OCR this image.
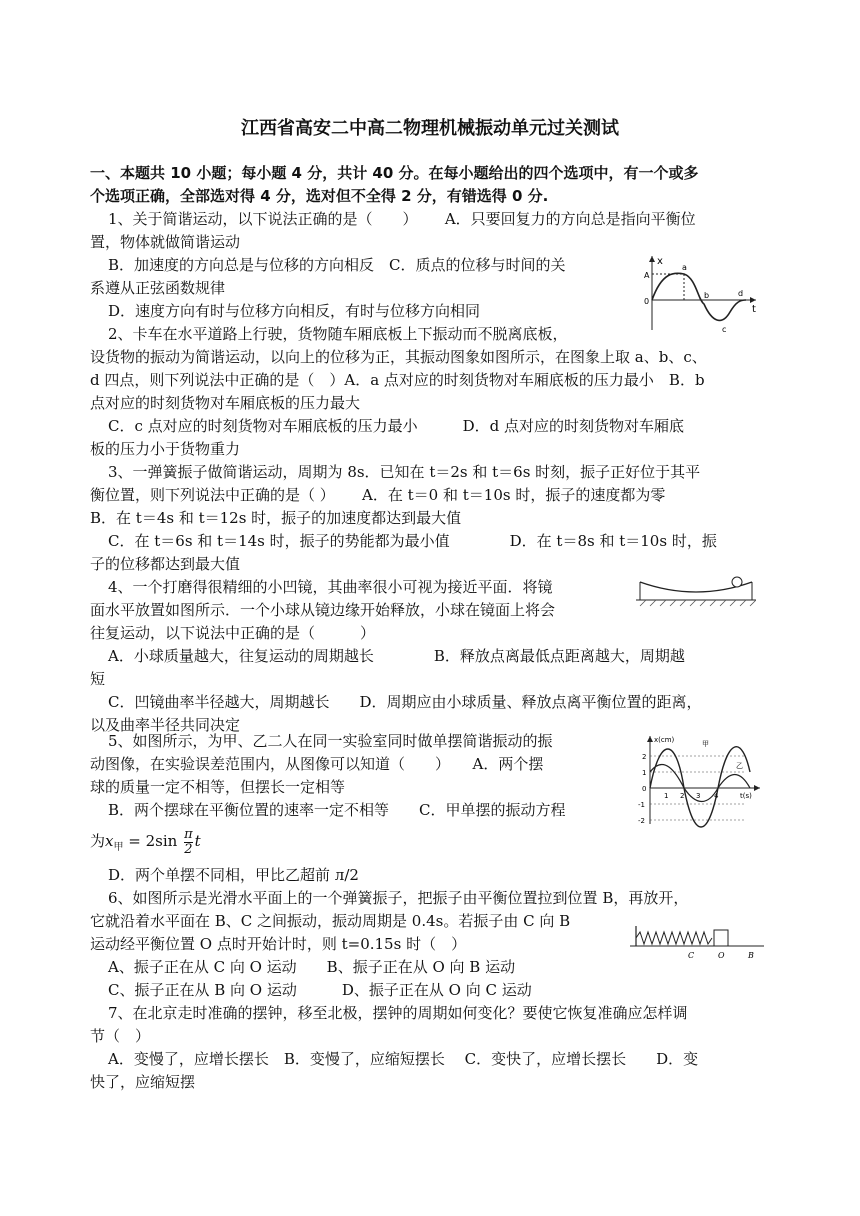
江西省高安二中高二物理机械振动单元过关测试
一、本题共 10 小题；每小题 4 分，共计 40 分。在每小题给出的四个选项中，有一个或多
个选项正确，全部选对得 4 分，选对但不全得 2 分，有错选得 0 分.
1、关于简谐运动，以下说法正确的是（　　）　　 A．只要回复力的方向总是指向平衡位
置，物体就做简谐运动
B．加速度的方向总是与位移的方向相反　C．质点的位移与时间的关
系遵从正弦函数规律
D．速度方向有时与位移方向相反，有时与位移方向相同
x
t
A
0
a
b
c
d
2、卡车在水平道路上行驶，货物随车厢底板上下振动而不脱离底板，
设货物的振动为简谐运动，以向上的位移为正，其振动图象如图所示，在图象上取 a、b、c、
d 四点，则下列说法中正确的是（　）A．a 点对应的时刻货物对车厢底板的压力最小　B．b
点对应的时刻货物对车厢底板的压力最大
C．c 点对应的时刻货物对车厢底板的压力最小　　　D．d 点对应的时刻货物对车厢底
板的压力小于货物重力
3、一弹簧振子做简谐运动，周期为 8s．已知在 t＝2s 和 t＝6s 时刻，振子正好位于其平
衡位置，则下列说法中正确的是（ ）　　 A．在 t＝0 和 t＝10s 时，振子的速度都为零
B．在 t＝4s 和 t＝12s 时，振子的加速度都达到最大值
C．在 t＝6s 和 t＝14s 时，振子的势能都为最小值　　　　D．在 t＝8s 和 t＝10s 时，振
子的位移都达到最大值
4、一个打磨得很精细的小凹镜，其曲率很小可视为接近平面．将镜
面水平放置如图所示．一个小球从镜边缘开始释放，小球在镜面上将会
往复运动，以下说法中正确的是（　　　）
A．小球质量越大，往复运动的周期越长　　　　B．释放点离最低点距离越大，周期越
短
C．凹镜曲率半径越大，周期越长　　D．周期应由小球质量、释放点离平衡位置的距离，
以及曲率半径共同决定
x(cm)
t(s)
甲
乙
2
1
0
-1
-2
1 2 3 4
5、如图所示，为甲、乙二人在同一实验室同时做单摆简谐振动的振
动图像，在实验误差范围内，从图像可以知道（　　）　　A．两个摆
球的质量一定不相等，但摆长一定相等
B．两个摆球在平衡位置的速率一定不相等　　C．甲单摆的振动方程
为$x_甲 = 2\sin \frac{\pi}{2}$ t
D．两个单摆不同相，甲比乙超前 л/2
6、如图所示是光滑水平面上的一个弹簧振子，把振子由平衡位置拉到位置 B，再放开，
它就沿着水平面在 B、C 之间振动，振动周期是 0.4s。若振子由 C 向 B
C	O	B
运动经平衡位置 O 点时开始计时，则 t=0.15s 时（　）
A、振子正在从 C 向 O 运动　　B、振子正在从 O 向 B 运动
C、振子正在从 B 向 O 运动　　　D、振子正在从 O 向 C 运动
7、在北京走时准确的摆钟，移至北极，摆钟的周期如何变化？要使它恢复准确应怎样调
节（　）
A．变慢了，应增长摆长　B．变慢了，应缩短摆长　 C．变快了，应增长摆长　　D．变
快了，应缩短摆
